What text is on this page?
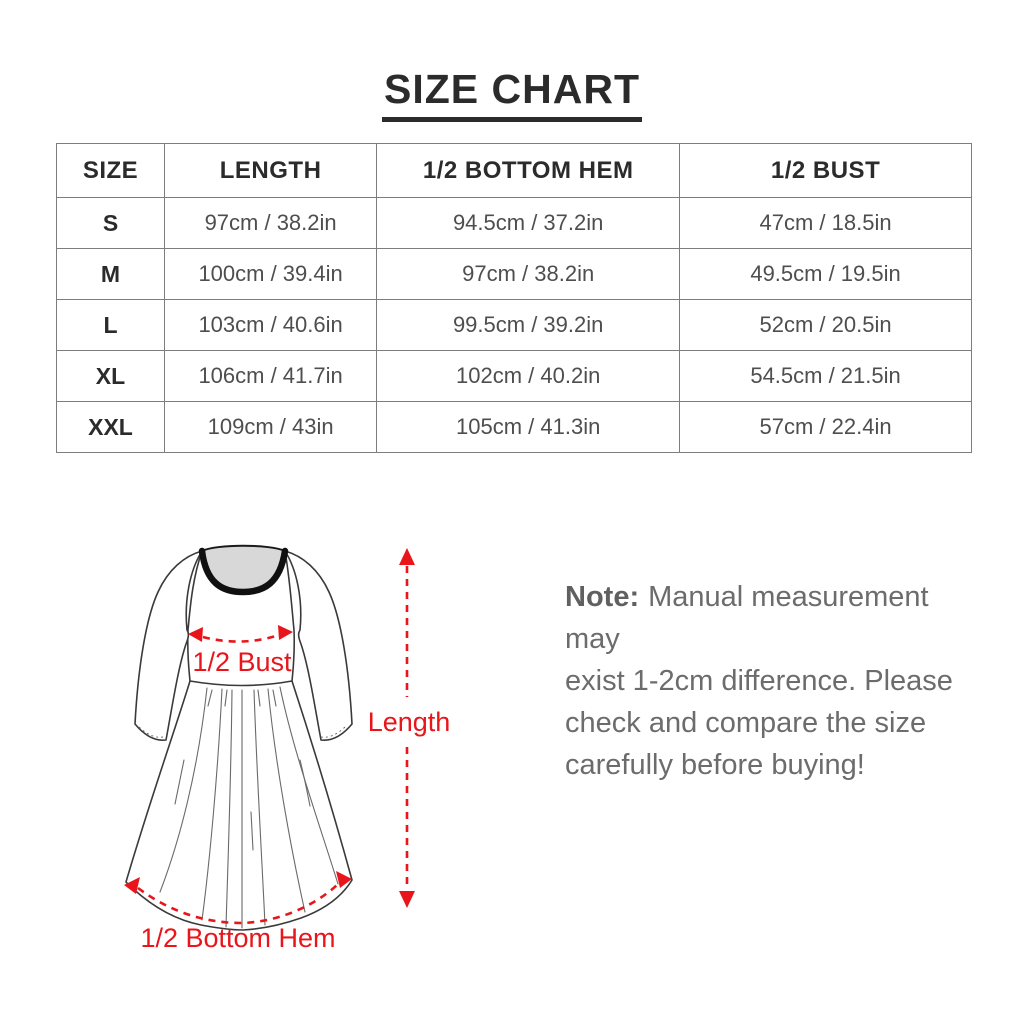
SIZE CHART
SIZE	LENGTH	1/2 BOTTOM HEM	1/2 BUST
S	97cm / 38.2in	94.5cm / 37.2in	47cm / 18.5in
M	100cm / 39.4in	97cm / 38.2in	49.5cm / 19.5in
L	103cm / 40.6in	99.5cm / 39.2in	52cm / 20.5in
XL	106cm / 41.7in	102cm / 40.2in	54.5cm / 21.5in
XXL	109cm / 43in	105cm / 41.3in	57cm / 22.4in
1/2 Bust
Length
1/2 Bottom Hem
Note: Manual measurement may
exist 1-2cm difference. Please
check and compare the size
carefully before buying!
